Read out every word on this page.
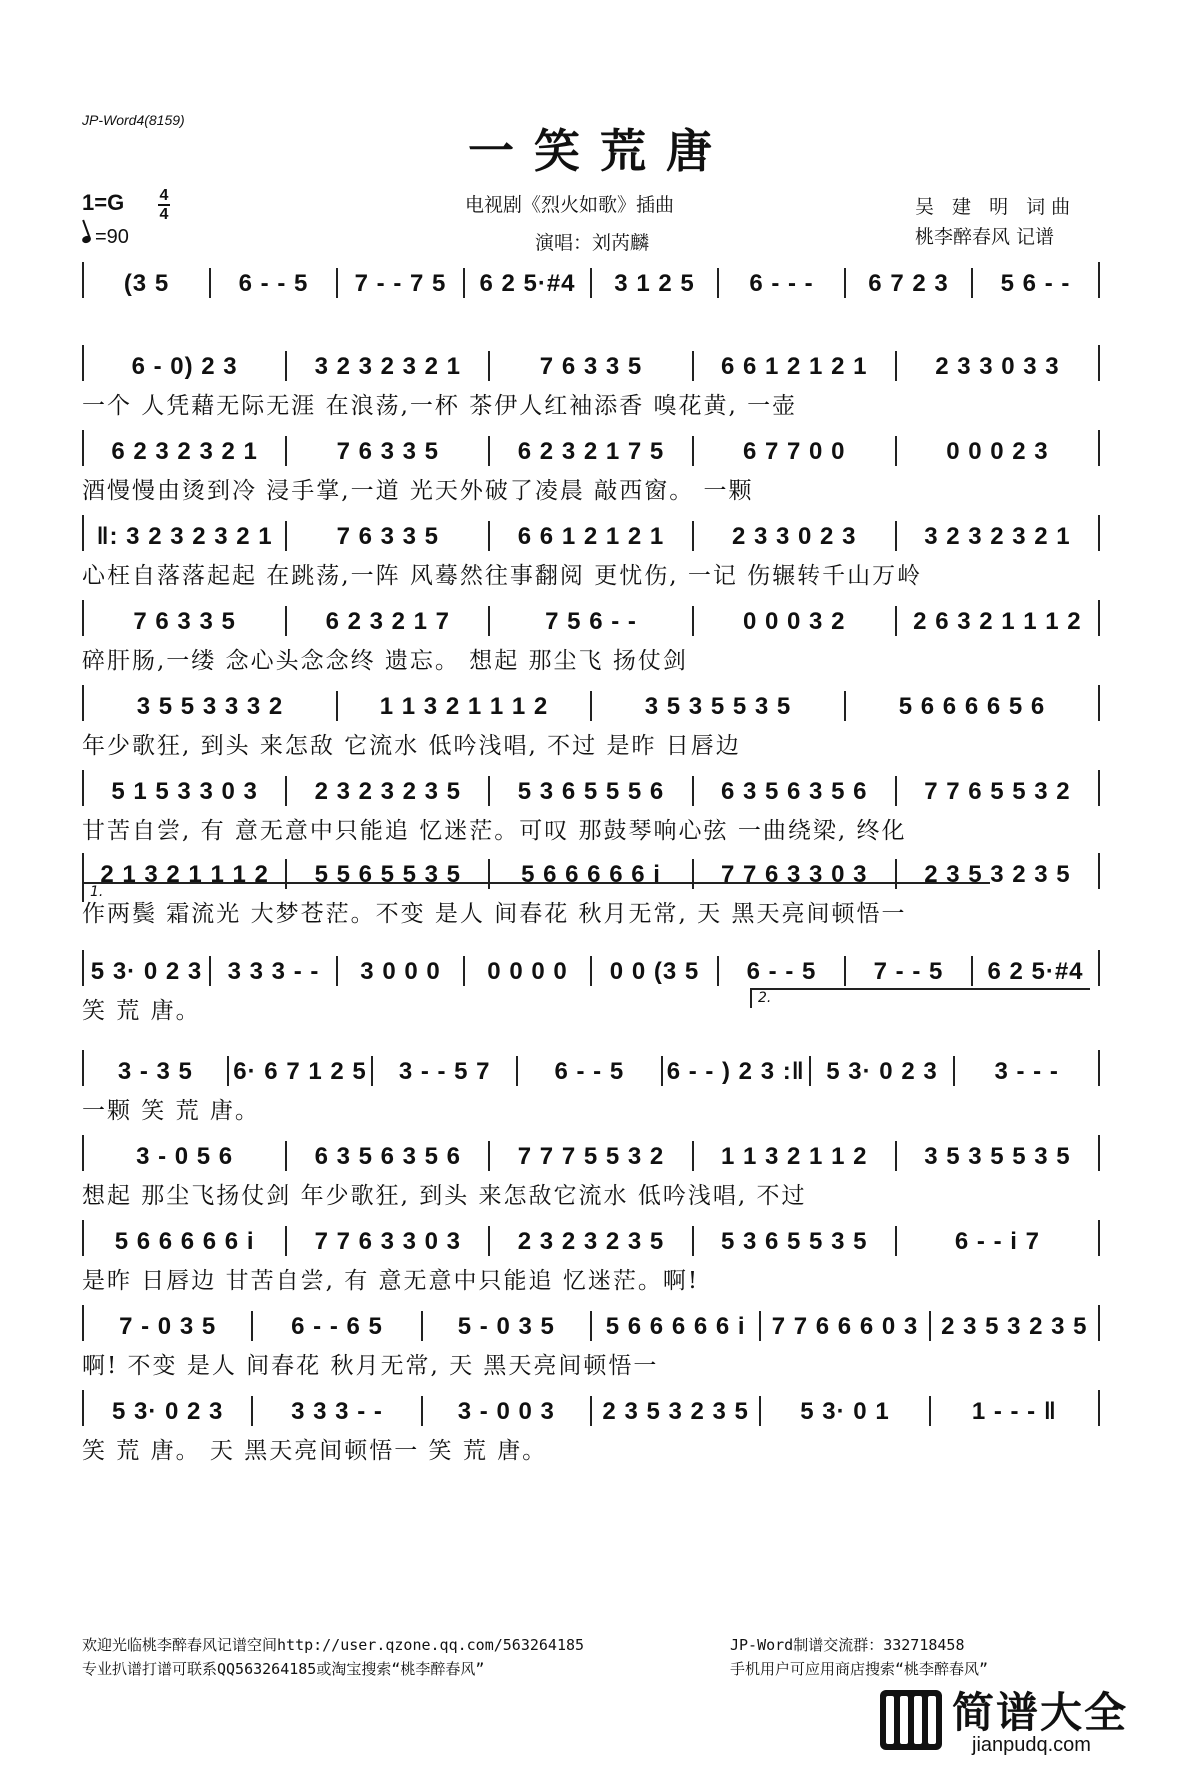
JP-Word4(8159)
一笑荒唐
1=G 4
4
=90
电视剧《烈火如歌》插曲
演唱：刘芮麟
吴 建 明 词曲
桃李醉春风 记谱
(3 5	6 - - 5 7 - - 7 5 6 2 5·#4 3 1 2 5 6 - - - 6 7 2 3 5 6 - -
6 - 0) 2 3	3 2 3 2 3 2 1	7 6 3 3 5	6 6 1 2 1 2 1	2 3 3 0 3 3
一个 人凭藉无际无涯 在浪荡,一杯 茶伊人红袖添香 嗅花黄, 一壶
6 2 3 2 3 2 1	7 6 3 3 5	6 2 3 2 1 7 5	6 7 7 0 0	0 0 0 2 3
酒慢慢由烫到冷 浸手掌,一道 光天外破了凌晨 敲西窗。 一颗
‖: 3 2 3 2 3 2 1	7 6 3 3 5	6 6 1 2 1 2 1	2 3 3 0 2 3	3 2 3 2 3 2 1
心枉自落落起起 在跳荡,一阵 风蓦然往事翻阅 更忧伤, 一记 伤辗转千山万岭
7 6 3 3 5	6 2 3 2 1 7	7 5 6 - -	0 0 0 3 2	2 6 3 2 1 1 1 2
碎肝肠,一缕 念心头念念终 遗忘。 想起 那尘飞 扬仗剑
3 5 5 3 3 3 2	1 1 3 2 1 1 1 2	3 5 3 5 5 3 5	5 6 6 6 6 5 6
年少歌狂, 到头 来怎敌 它流水 低吟浅唱, 不过 是昨 日唇边
5 1 5 3 3 0 3 2 3 2 3 2 3 5 5 3 6 5 5 5 6 6 3 5 6 3 5 6 7 7 6 5 5 3 2
甘苦自尝, 有 意无意中只能追 忆迷茫。可叹 那鼓琴响心弦 一曲绕梁, 终化
2 1 3 2 1 1 1 2 5 5 6 5 5 3 5	5 6 6 6 6 6 i	7 7 6 3 3 0 3 2 3 5 3 2 3 5
作两鬓 霜流光 大梦苍茫。不变 是人 间春花 秋月无常, 天 黑天亮间顿悟一
5 3· 0 2 3 3 3 3 - - 3 0 0 0 0 0 0 0 0 0 (3 5 6 - - 5 7 - - 5 6 2 5·#4
笑 荒 唐。
3 - 3 5 6· 6 7 1 2 5 3 - - 5 7	6 - - 5 6 - - ) 2 3 :‖ 5 3· 0 2 3 3 - - -
一颗 笑 荒 唐。
3 - 0 5 6	6 3 5 6 3 5 6 7 7 7 5 5 3 2 1 1 3 2 1 1 2 3 5 3 5 5 3 5
想起 那尘飞扬仗剑 年少歌狂, 到头 来怎敌它流水 低吟浅唱, 不过
5 6 6 6 6 6 i	7 7 6 3 3 0 3 2 3 2 3 2 3 5 5 3 6 5 5 3 5	6 - - i 7
是昨 日唇边 甘苦自尝, 有 意无意中只能追 忆迷茫。啊!
7 - 0 3 5	6 - - 6 5	5 - 0 3 5 5 6 6 6 6 6 i 7 7 6 6 6 0 3 2 3 5 3 2 3 5
啊! 不变 是人 间春花 秋月无常, 天 黑天亮间顿悟一
5 3· 0 2 3	3 3 3 - -	3 - 0 0 3 2 3 5 3 2 3 5 5 3· 0 1	1 - - - ‖
笑 荒 唐。 天 黑天亮间顿悟一 笑 荒 唐。
1.
2.
欢迎光临桃李醉春风记谱空间http://user.qzone.qq.com/563264185	JP-Word制谱交流群：332718458
专业扒谱打谱可联系QQ563264185或淘宝搜索“桃李醉春风”	手机用户可应用商店搜索“桃李醉春风”
简谱大全
jianpudq.com
